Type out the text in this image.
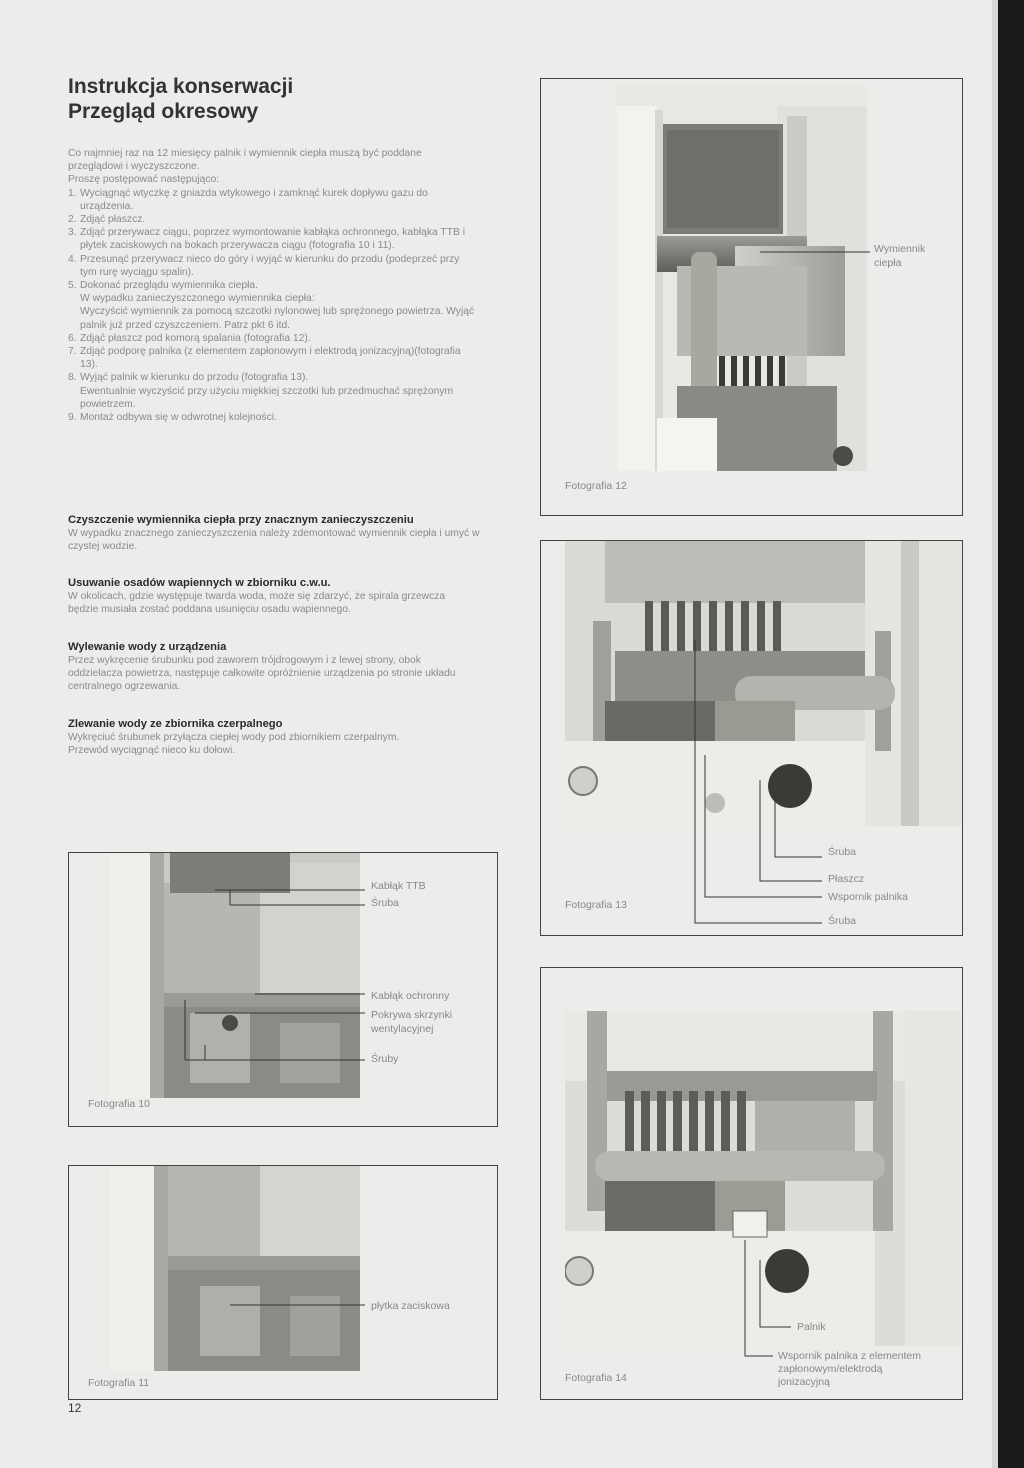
Instrukcja konserwacji
Przegląd okresowy

Co najmniej raz na 12 miesięcy palnik i wymiennik ciepła muszą być poddane przeglądowi i wyczyszczone.

Proszę postępować następująco:

1. Wyciągnąć wtyczkę z gniazda wtykowego i zamknąć kurek dopływu gazu do urządzenia.

2. Zdjąć płaszcz.

3. Zdjąć przerywacz ciągu, poprzez wymontowanie kabłąka ochronnego, kabłąka TTB i płytek zaciskowych na bokach przerywacza ciągu (fotografia 10 i 11).

4. Przesunąć przerywacz nieco do góry i wyjąć w kierunku do przodu (podeprzeć przy tym rurę wyciągu spalin).

5. Dokonać przeglądu wymiennika ciepła.

W wypadku zanieczyszczonego wymiennika ciepła:

Wyczyścić wymiennik za pomocą szczotki nylonowej lub sprężonego powietrza. Wyjąć palnik już przed czyszczeniem. Patrz pkt 6 itd.

6. Zdjąć płaszcz pod komorą spalania (fotografia 12).

7. Zdjąć podporę palnika (z elementem zapłonowym i elektrodą jonizacyjną)(fotografia 13).

8. Wyjąć palnik w kierunku do przodu (fotografia 13).

Ewentualnie wyczyścić przy użyciu miękkiej szczotki lub przedmuchać sprężonym powietrzem.

9. Montaż odbywa się w odwrotnej kolejności.

Czyszczenie wymiennika ciepła przy znacznym zanieczyszczeniu

W wypadku znacznego zanieczyszczenia należy zdemontować wymiennik ciepła i umyć w czystej wodzie.

Usuwanie osadów wapiennych w zbiorniku c.w.u.

W okolicach, gdzie występuje twarda woda, może się zdarzyć, że spirala grzewcza będzie musiała zostać poddana usunięciu osadu wapiennego.

Wylewanie wody z urządzenia

Przez wykręcenie śrubunku pod zaworem trójdrogowym i z lewej strony, obok oddzielacza powietrza, następuje całkowite opróżnienie urządzenia po stronie układu centralnego ogrzewania.

Zlewanie wody ze zbiornika czerpalnego

Wykręciuć śrubunek przyłącza ciepłej wody pod zbiornikiem czerpalnym. Przewód wyciągnąć nieco ku dołowi.

Fotografia 12
Wymiennik
ciepła
Fotografia 13
Śruba
Płaszcz
Wspornik palnika
Śruba
Fotografia 10
Kabłąk TTB
Śruba
Kabłąk ochronny
Pokrywa skrzynki
wentylacyjnej
Śruby
Fotografia 11
płytka zaciskowa
Fotografia 14
Palnik
Wspornik palnika z elementem
zapłonowym/elektrodą
jonizacyjną
12
